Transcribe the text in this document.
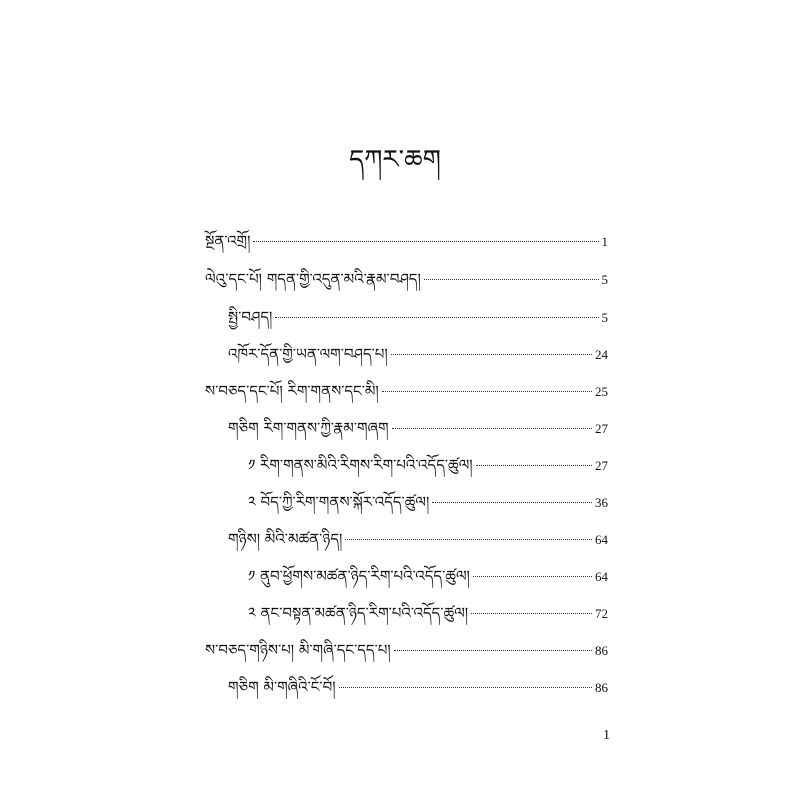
དཀར་ཆག
སྔོན་འགྲོ།	1
ལེའུ་དང་པོ། གདན་གྱི་འདུན་མའི་རྣམ་བཤད།	5
སྤྱི་བཤད།	5
འཁོར་དོན་གྱི་ཡན་ལག་བཤད་པ།	24
ས་བཅད་དང་པོ། རིག་གནས་དང་མི།	25
གཅིག རིག་གནས་ཀྱི་རྣམ་གཞག	27
༡ རིག་གནས་མིའི་རིགས་རིག་པའི་འདོད་ཚུལ།	27
༢ བོད་ཀྱི་རིག་གནས་སྐོར་འདོད་ཚུལ།	36
གཉིས། མིའི་མཚན་ཉིད།	64
༡ ནུབ་ཕྱོགས་མཚན་ཉིད་རིག་པའི་འདོད་ཚུལ།	64
༢ ནང་བསྟན་མཚན་ཉིད་རིག་པའི་འདོད་ཚུལ།	72
ས་བཅད་གཉིས་པ། མི་གཞི་དང་དད་པ།	86
གཅིག མི་གཞིའི་ངོ་བོ།	86
1
